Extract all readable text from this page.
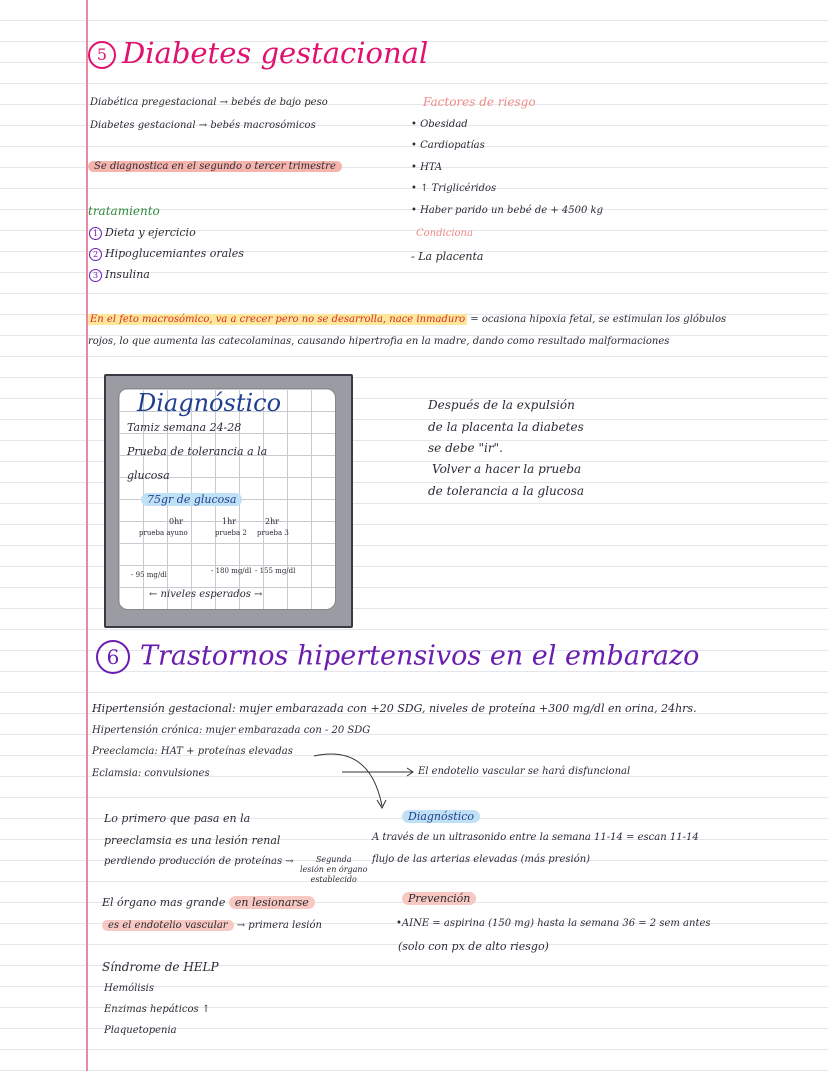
5 Diabetes gestacional
Diabética pregestacional → bebés de bajo peso
Diabetes gestacional → bebés macrosómicos
Se diagnostica en el segundo o tercer trimestre
tratamiento
1 Dieta y ejercicio
2 Hipoglucemiantes orales
3 Insulina
Factores de riesgo
• Obesidad
• Cardiopatías
• HTA
• ↑ Triglicéridos
• Haber parido un bebé de + 4500 kg
Condiciona
- La placenta
En el feto macrosómico, va a crecer pero no se desarrolla, nace inmaduro = ocasiona hipoxia fetal, se estimulan los glóbulos
rojos, lo que aumenta las catecolaminas, causando hipertrofia en la madre, dando como resultado malformaciones
Diagnóstico
Tamiz semana 24-28
Prueba de tolerancia a la
glucosa
75gr de glucosa
0hr	1hr	2hr
prueba ayuno	prueba 2 prueba 3
- 95 mg/dl	- 180 mg/dl - 155 mg/dl
← niveles esperados →
Después de la expulsión
de la placenta la diabetes
se debe "ir".
Volver a hacer la prueba
de tolerancia a la glucosa
6 Trastornos hipertensivos en el embarazo
Hipertensión gestacional: mujer embarazada con +20 SDG, niveles de proteína +300 mg/dl en orina, 24hrs.
Hipertensión crónica: mujer embarazada con - 20 SDG
Preeclamcia: HAT + proteínas elevadas
Eclamsia: convulsiones	El endotelio vascular se hará disfuncional
Lo primero que pasa en la
preeclamsia es una lesión renal
perdiendo producción de proteínas →	Segunda
lesión en órgano
establecido
El órgano mas grande en lesionarse
es el endotelio vascular → primera lesión
Diagnóstico
A través de un ultrasonido entre la semana 11-14 = escan 11-14
flujo de las arterias elevadas (más presión)
Prevención
•AINE = aspirina (150 mg) hasta la semana 36 = 2 sem antes
(solo con px de alto riesgo)
Síndrome de HELP
Hemólisis
Enzimas hepáticos ↑
Plaquetopenia
